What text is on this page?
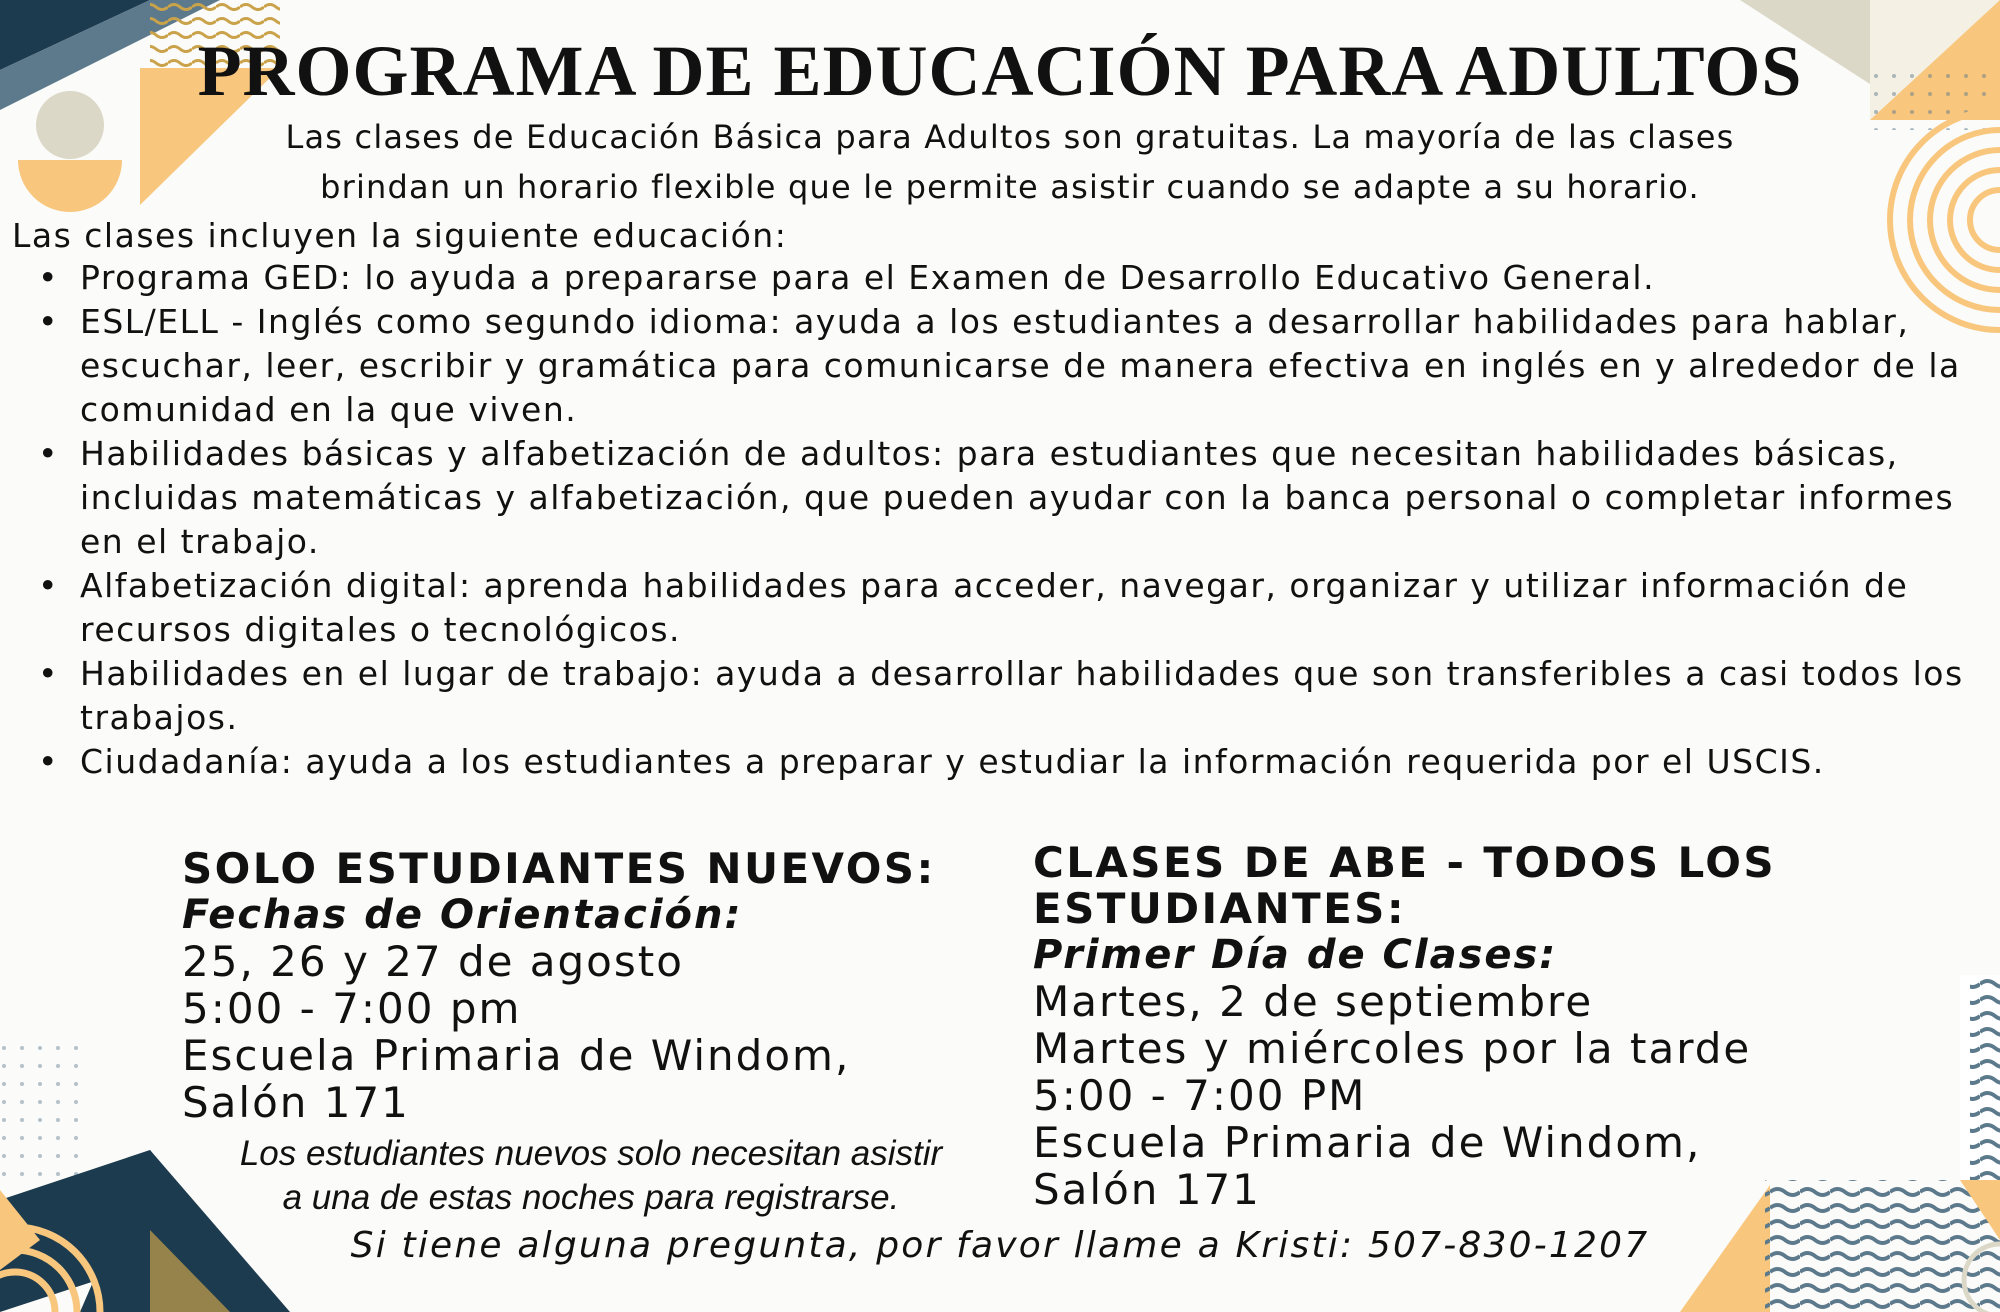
PROGRAMA DE EDUCACIÓN PARA ADULTOS
Las clases de Educación Básica para Adultos son gratuitas. La mayoría de las clases
brindan un horario flexible que le permite asistir cuando se adapte a su horario.

Las clases incluyen la siguiente educación:

• Programa GED: lo ayuda a prepararse para el Examen de Desarrollo Educativo General.
• ESL/ELL - Inglés como segundo idioma: ayuda a los estudiantes a desarrollar habilidades para hablar, escuchar, leer, escribir y gramática para comunicarse de manera efectiva en inglés en y alrededor de la comunidad en la que viven.
• Habilidades básicas y alfabetización de adultos: para estudiantes que necesitan habilidades básicas, incluidas matemáticas y alfabetización, que pueden ayudar con la banca personal o completar informes en el trabajo.
• Alfabetización digital: aprenda habilidades para acceder, navegar, organizar y utilizar información de recursos digitales o tecnológicos.
• Habilidades en el lugar de trabajo: ayuda a desarrollar habilidades que son transferibles a casi todos los trabajos.
• Ciudadanía: ayuda a los estudiantes a preparar y estudiar la información requerida por el USCIS.

SOLO ESTUDIANTES NUEVOS:

Fechas de Orientación:

25, 26 y 27 de agosto

5:00 - 7:00 pm

Escuela Primaria de Windom,

Salón 171

Los estudiantes nuevos solo necesitan asistir
a una de estas noches para registrarse.

CLASES DE ABE - TODOS LOS

ESTUDIANTES:

Primer Día de Clases:

Martes, 2 de septiembre

Martes y miércoles por la tarde

5:00 - 7:00 PM

Escuela Primaria de Windom,

Salón 171

Si tiene alguna pregunta, por favor llame a Kristi: 507-830-1207
